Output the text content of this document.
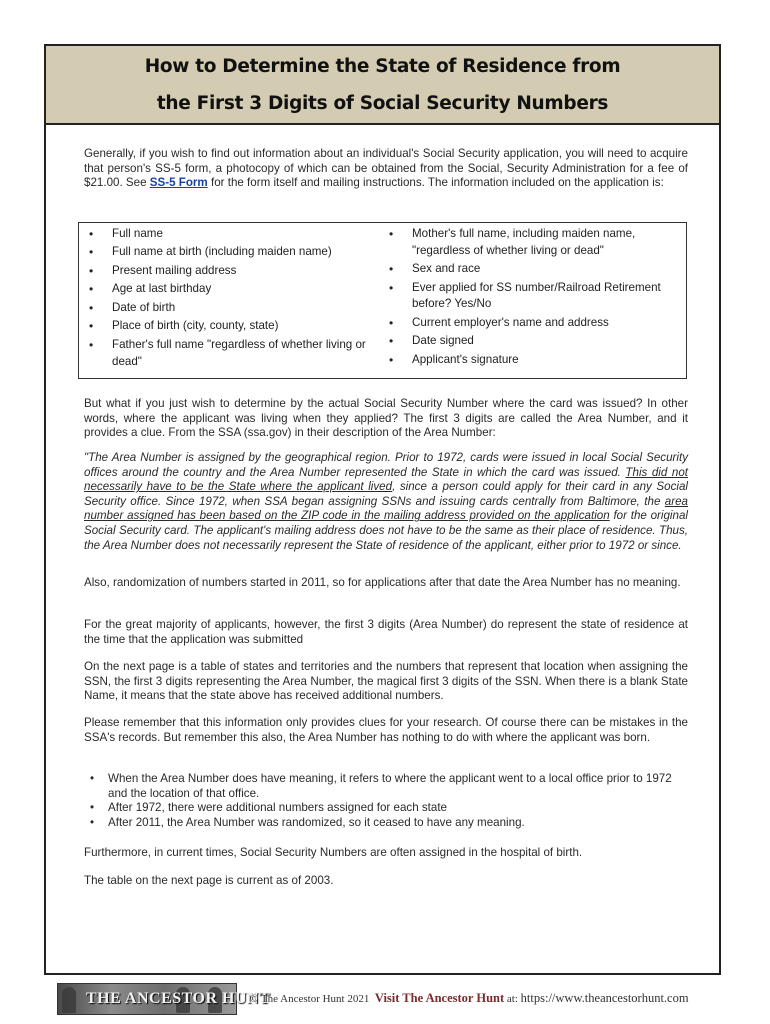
How to Determine the State of Residence from
the First 3 Digits of Social Security Numbers

Generally, if you wish to find out information about an individual's Social Security application, you will need to acquire that person's SS-5 form, a photocopy of which can be obtained from the Social, Security Administration for a fee of $21.00. See SS-5 Form for the form itself and mailing instructions. The information included on the application is:

• Full name
• Full name at birth (including maiden name)
• Present mailing address
• Age at last birthday
• Date of birth
• Place of birth (city, county, state)
• Father's full name "regardless of whether living or dead"
• Mother's full name, including maiden name, "regardless of whether living or dead"
• Sex and race
• Ever applied for SS number/Railroad Retirement before? Yes/No
• Current employer's name and address
• Date signed
• Applicant's signature

But what if you just wish to determine by the actual Social Security Number where the card was issued? In other words, where the applicant was living when they applied? The first 3 digits are called the Area Number, and it provides a clue. From the SSA (ssa.gov) in their description of the Area Number:

"The Area Number is assigned by the geographical region. Prior to 1972, cards were issued in local Social Security offices around the country and the Area Number represented the State in which the card was issued. This did not necessarily have to be the State where the applicant lived, since a person could apply for their card in any Social Security office. Since 1972, when SSA began assigning SSNs and issuing cards centrally from Baltimore, the area number assigned has been based on the ZIP code in the mailing address provided on the application for the original Social Security card. The applicant's mailing address does not have to be the same as their place of residence. Thus, the Area Number does not necessarily represent the State of residence of the applicant, either prior to 1972 or since.

Also, randomization of numbers started in 2011, so for applications after that date the Area Number has no meaning.

For the great majority of applicants, however, the first 3 digits (Area Number) do represent the state of residence at the time that the application was submitted

On the next page is a table of states and territories and the numbers that represent that location when assigning the SSN, the first 3 digits representing the Area Number, the magical first 3 digits of the SSN. When there is a blank State Name, it means that the state above has received additional numbers.

Please remember that this information only provides clues for your research. Of course there can be mistakes in the SSA's records. But remember this also, the Area Number has nothing to do with where the applicant was born.

• When the Area Number does have meaning, it refers to where the applicant went to a local office prior to 1972 and the location of that office.
• After 1972, there were additional numbers assigned for each state
• After 2011, the Area Number was randomized, so it ceased to have any meaning.

Furthermore, in current times, Social Security Numbers are often assigned in the hospital of birth.

The table on the next page is current as of 2003.

THE ANCESTOR HUNT
© The Ancestor Hunt 2021 Visit The Ancestor Hunt at: https://www.theancestorhunt.com
